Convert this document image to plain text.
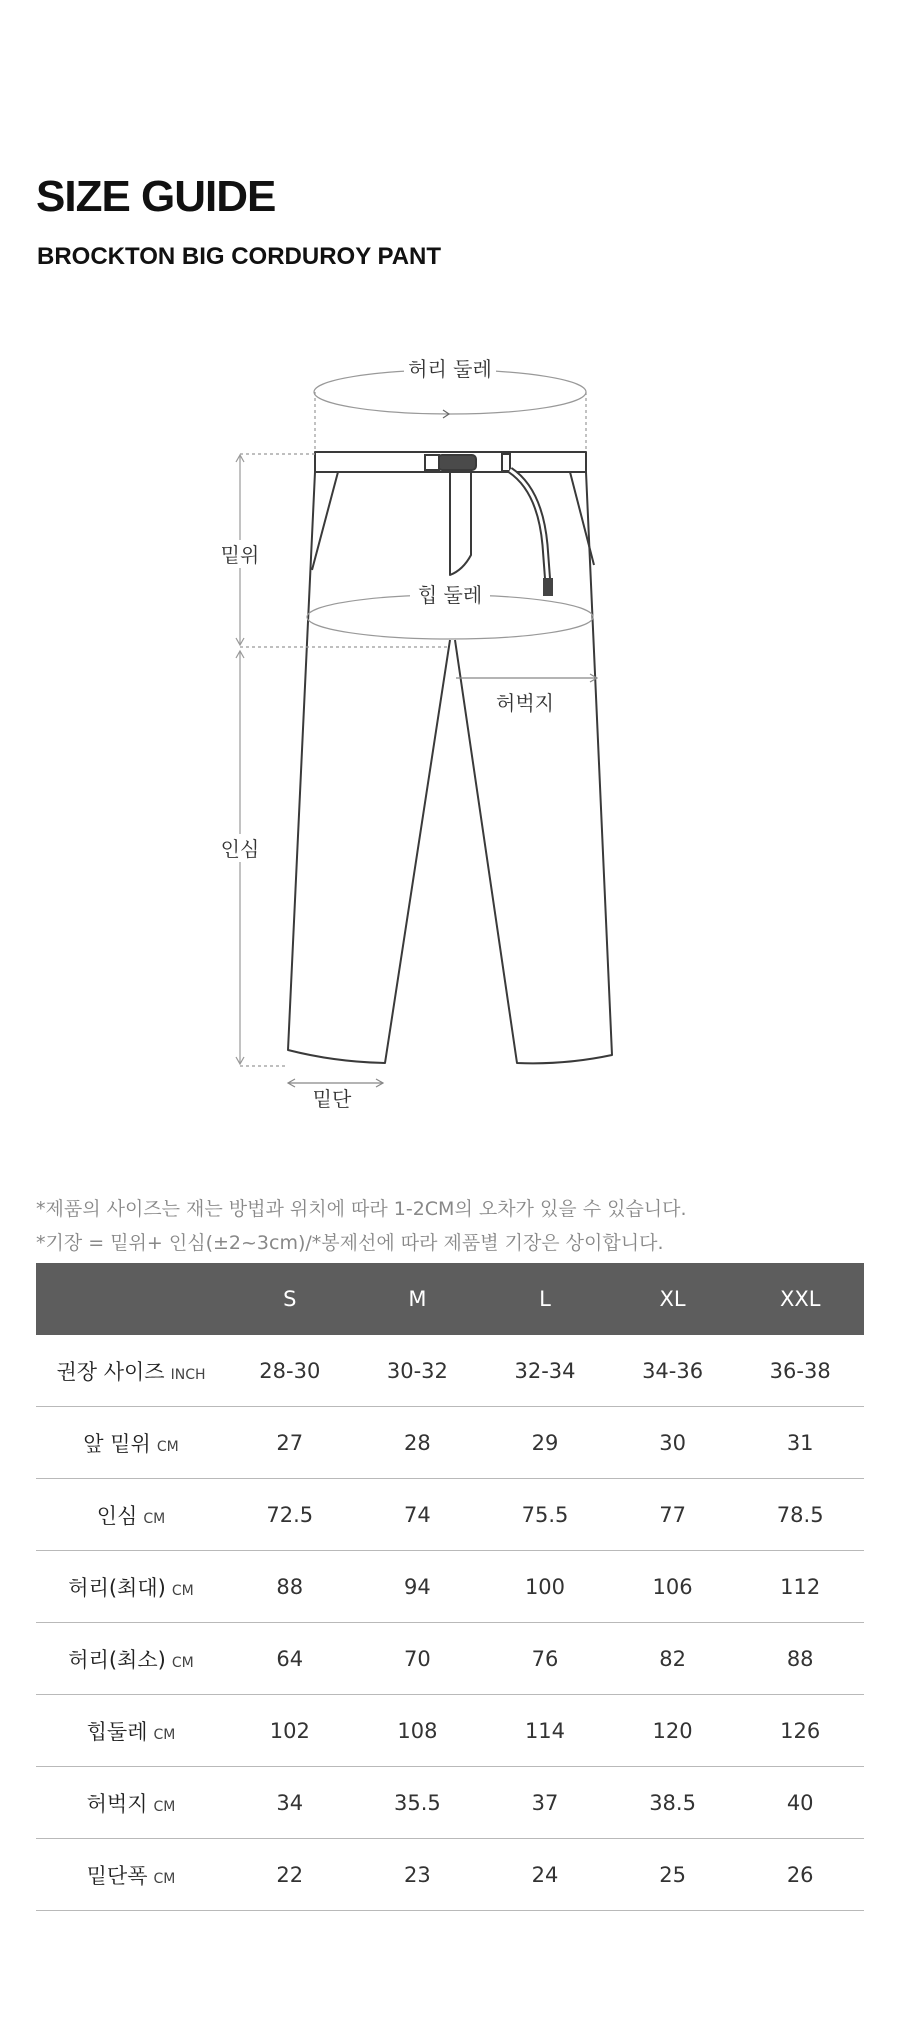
SIZE GUIDE
BROCKTON BIG CORDUROY PANT
허리 둘레
밑위
힙 둘레
허벅지
인심
밑단
*제품의 사이즈는 재는 방법과 위치에 따라 1-2CM의 오차가 있을 수 있습니다.
*기장 = 밑위+ 인심(±2~3cm)/*봉제선에 따라 제품별 기장은 상이합니다.
	S	M	L	XL	XXL
권장 사이즈 INCH	28-30	30-32	32-34	34-36	36-38
앞 밑위 CM	27	28	29	30	31
인심 CM	72.5	74	75.5	77	78.5
허리(최대) CM	88	94	100	106	112
허리(최소) CM	64	70	76	82	88
힙둘레 CM	102	108	114	120	126
허벅지 CM	34	35.5	37	38.5	40
밑단폭 CM	22	23	24	25	26
